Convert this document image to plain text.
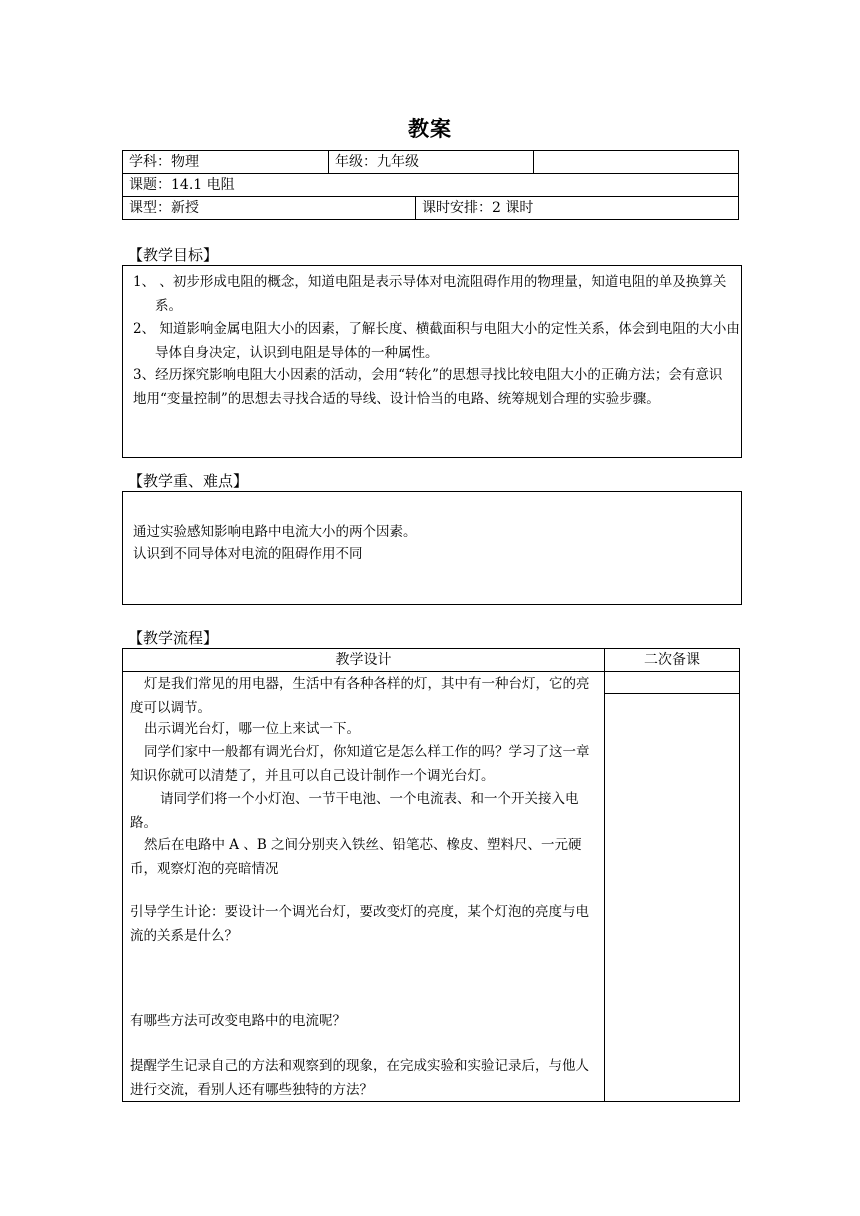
教案
学科：物理	年级：九年级
课题：14.1 电阻
课型：新授	课时安排：2 课时
【教学目标】
1、 、初步形成电阻的概念，知道电阻是表示导体对电流阻碍作用的物理量，知道电阻的单及换算关系。
2、 知道影响金属电阻大小的因素，了解长度、横截面积与电阻大小的定性关系，体会到电阻的大小由导体自身决定，认识到电阻是导体的一种属性。
3、经历探究影响电阻大小因素的活动，会用“转化”的思想寻找比较电阻大小的正确方法；会有意识地用“变量控制”的思想去寻找合适的导线、设计恰当的电路、统筹规划合理的实验步骤。
【教学重、难点】
通过实验感知影响电路中电流大小的两个因素。
认识到不同导体对电流的阻碍作用不同
【教学流程】
教学设计	二次备课
灯是我们常见的用电器，生活中有各种各样的灯，其中有一种台灯，它的亮度可以调节。
出示调光台灯，哪一位上来试一下。
同学们家中一般都有调光台灯，你知道它是怎么样工作的吗？学习了这一章知识你就可以清楚了，并且可以自己设计制作一个调光台灯。
请同学们将一个小灯泡、一节干电池、一个电流表、和一个开关接入电路。
然后在电路中 A 、B 之间分别夹入铁丝、铅笔芯、橡皮、塑料尺、一元硬币，观察灯泡的亮暗情况
引导学生计论：要设计一个调光台灯，要改变灯的亮度，某个灯泡的亮度与电流的关系是什么？
有哪些方法可改变电路中的电流呢？
提醒学生记录自己的方法和观察到的现象，在完成实验和实验记录后，与他人进行交流，看别人还有哪些独特的方法？
